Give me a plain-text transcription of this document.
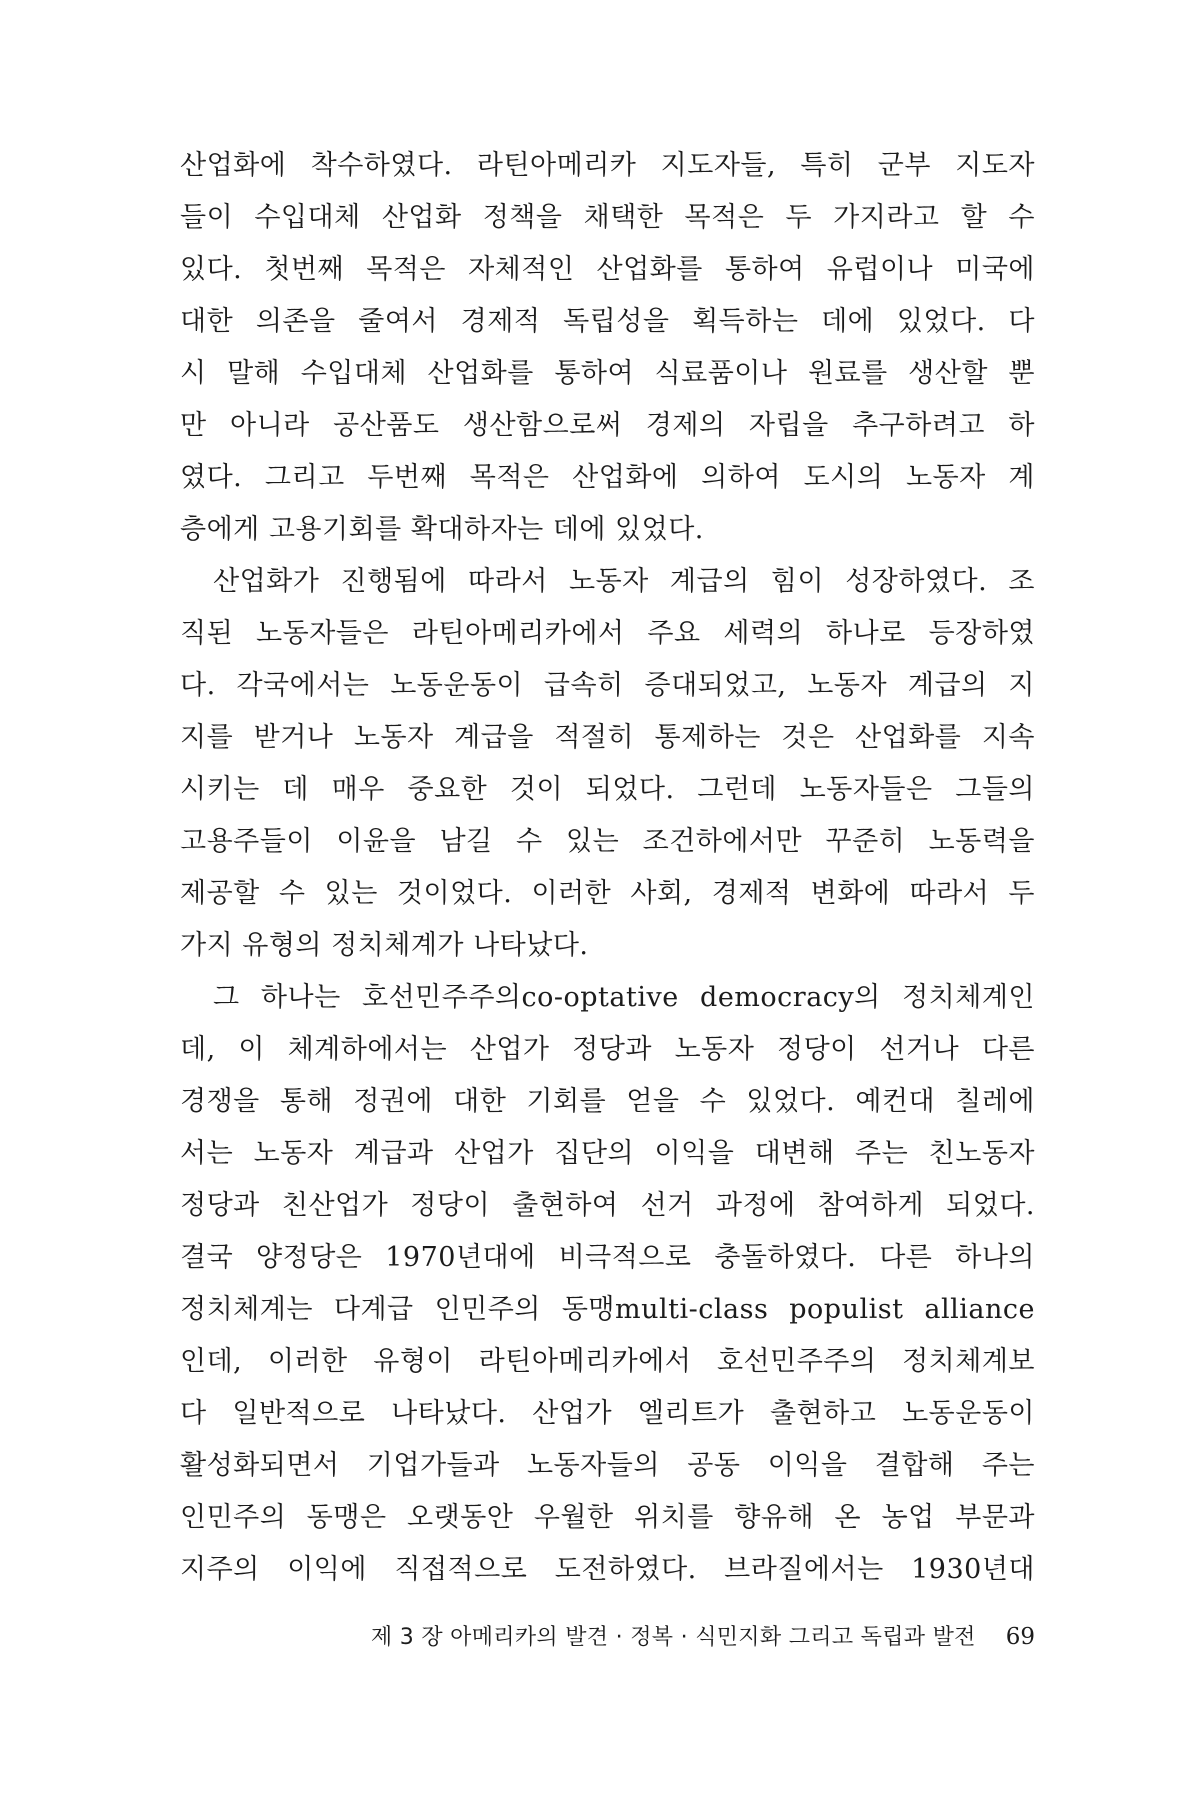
산업화에 착수하였다. 라틴아메리카 지도자들, 특히 군부 지도자
들이 수입대체 산업화 정책을 채택한 목적은 두 가지라고 할 수
있다. 첫번째 목적은 자체적인 산업화를 통하여 유럽이나 미국에
대한 의존을 줄여서 경제적 독립성을 획득하는 데에 있었다. 다
시 말해 수입대체 산업화를 통하여 식료품이나 원료를 생산할 뿐
만 아니라 공산품도 생산함으로써 경제의 자립을 추구하려고 하
였다. 그리고 두번째 목적은 산업화에 의하여 도시의 노동자 계
층에게 고용기회를 확대하자는 데에 있었다.
산업화가 진행됨에 따라서 노동자 계급의 힘이 성장하였다. 조
직된 노동자들은 라틴아메리카에서 주요 세력의 하나로 등장하였
다. 각국에서는 노동운동이 급속히 증대되었고, 노동자 계급의 지
지를 받거나 노동자 계급을 적절히 통제하는 것은 산업화를 지속
시키는 데 매우 중요한 것이 되었다. 그런데 노동자들은 그들의
고용주들이 이윤을 남길 수 있는 조건하에서만 꾸준히 노동력을
제공할 수 있는 것이었다. 이러한 사회, 경제적 변화에 따라서 두
가지 유형의 정치체계가 나타났다.
그 하나는 호선민주주의co-optative democracy의 정치체계인
데, 이 체계하에서는 산업가 정당과 노동자 정당이 선거나 다른
경쟁을 통해 정권에 대한 기회를 얻을 수 있었다. 예컨대 칠레에
서는 노동자 계급과 산업가 집단의 이익을 대변해 주는 친노동자
정당과 친산업가 정당이 출현하여 선거 과정에 참여하게 되었다.
결국 양정당은 1970년대에 비극적으로 충돌하였다. 다른 하나의
정치체계는 다계급 인민주의 동맹multi-class populist alliance
인데, 이러한 유형이 라틴아메리카에서 호선민주주의 정치체계보
다 일반적으로 나타났다. 산업가 엘리트가 출현하고 노동운동이
활성화되면서 기업가들과 노동자들의 공동 이익을 결합해 주는
인민주의 동맹은 오랫동안 우월한 위치를 향유해 온 농업 부문과
지주의 이익에 직접적으로 도전하였다. 브라질에서는 1930년대
제 3 장 아메리카의 발견 · 정복 · 식민지화 그리고 독립과 발전 69
